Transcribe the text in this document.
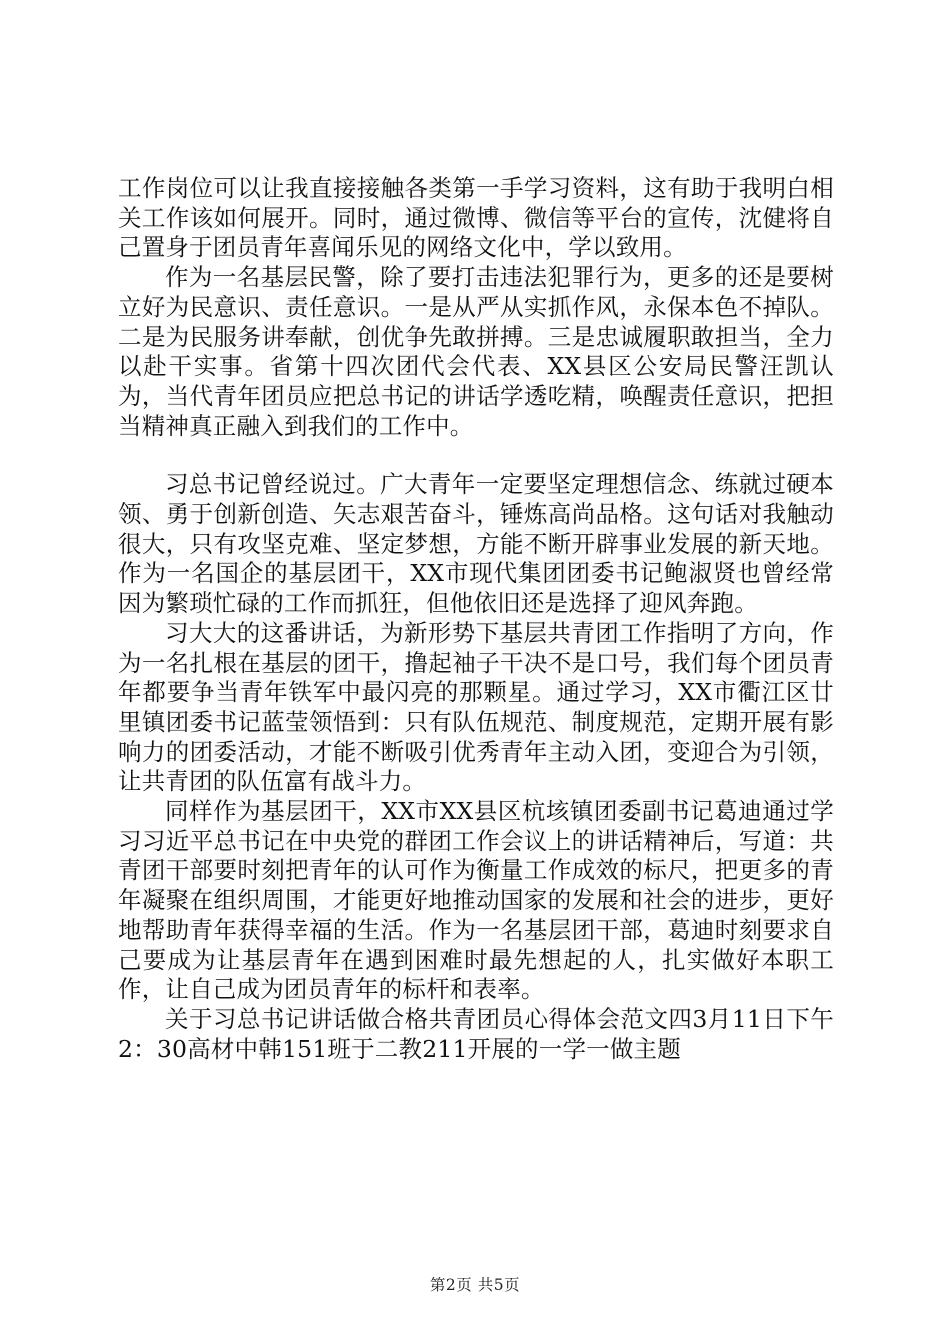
工作岗位可以让我直接接触各类第一手学习资料，这有助于我明白相关工作该如何展开。同时，通过微博、微信等平台的宣传，沈健将自己置身于团员青年喜闻乐见的网络文化中，学以致用。

作为一名基层民警，除了要打击违法犯罪行为，更多的还是要树立好为民意识、责任意识。一是从严从实抓作风，永保本色不掉队。二是为民服务讲奉献，创优争先敢拼搏。三是忠诚履职敢担当，全力以赴干实事。省第十四次团代会代表、XX县区公安局民警汪凯认为，当代青年团员应把总书记的讲话学透吃精，唤醒责任意识，把担当精神真正融入到我们的工作中。

习总书记曾经说过。广大青年一定要坚定理想信念、练就过硬本领、勇于创新创造、矢志艰苦奋斗，锤炼高尚品格。这句话对我触动很大，只有攻坚克难、坚定梦想，方能不断开辟事业发展的新天地。作为一名国企的基层团干，XX市现代集团团委书记鲍淑贤也曾经常因为繁琐忙碌的工作而抓狂，但他依旧还是选择了迎风奔跑。

习大大的这番讲话，为新形势下基层共青团工作指明了方向，作为一名扎根在基层的团干，撸起袖子干决不是口号，我们每个团员青年都要争当青年铁军中最闪亮的那颗星。通过学习，XX市衢江区廿里镇团委书记蓝莹领悟到：只有队伍规范、制度规范，定期开展有影响力的团委活动，才能不断吸引优秀青年主动入团，变迎合为引领，让共青团的队伍富有战斗力。

同样作为基层团干，XX市XX县区杭垓镇团委副书记葛迪通过学习习近平总书记在中央党的群团工作会议上的讲话精神后，写道：共青团干部要时刻把青年的认可作为衡量工作成效的标尺，把更多的青年凝聚在组织周围，才能更好地推动国家的发展和社会的进步，更好地帮助青年获得幸福的生活。作为一名基层团干部，葛迪时刻要求自己要成为让基层青年在遇到困难时最先想起的人，扎实做好本职工作，让自己成为团员青年的标杆和表率。

关于习总书记讲话做合格共青团员心得体会范文四3月11日下午2：30高材中韩151班于二教211开展的一学一做主题

第2页 共5页
